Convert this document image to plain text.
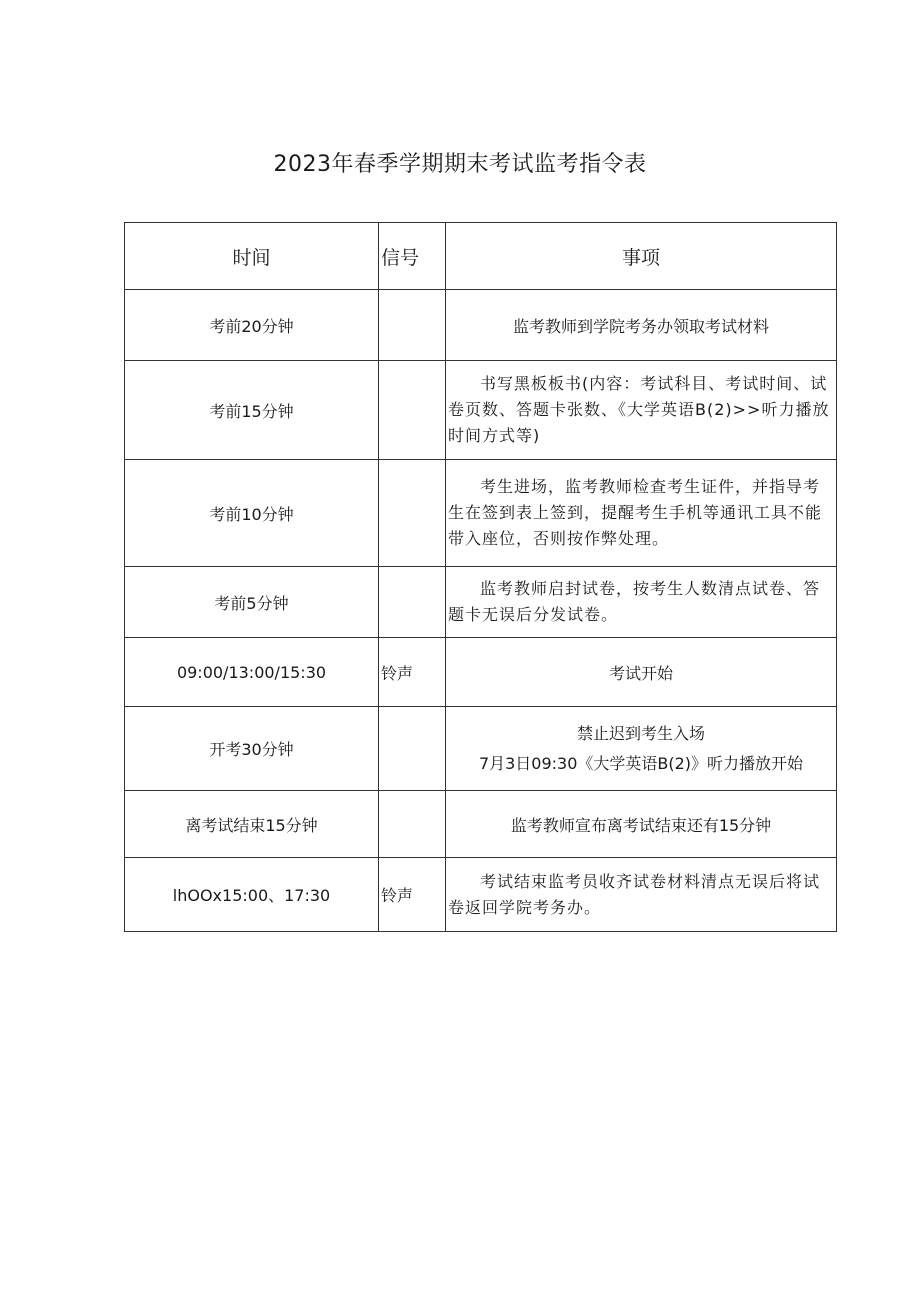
2023年春季学期期末考试监考指令表
时间	信号	事项
考前20分钟		监考教师到学院考务办领取考试材料
考前15分钟		书写黑板板书(内容：考试科目、考试时间、试卷页数、答题卡张数、《大学英语B(2)>>听力播放时间方式等)
考前10分钟		考生进场，监考教师检查考生证件，并指导考生在签到表上签到，提醒考生手机等通讯工具不能带入座位，否则按作弊处理。
考前5分钟		监考教师启封试卷，按考生人数清点试卷、答题卡无误后分发试卷。
09:00/13:00/15:30	铃声	考试开始
开考30分钟		禁止迟到考生入场
7月3日09:30《大学英语B(2)》听力播放开始

离考试结束15分钟		监考教师宣布离考试结束还有15分钟
lhOOx15:00、17:30	铃声	考试结束监考员收齐试卷材料清点无误后将试卷返回学院考务办。
